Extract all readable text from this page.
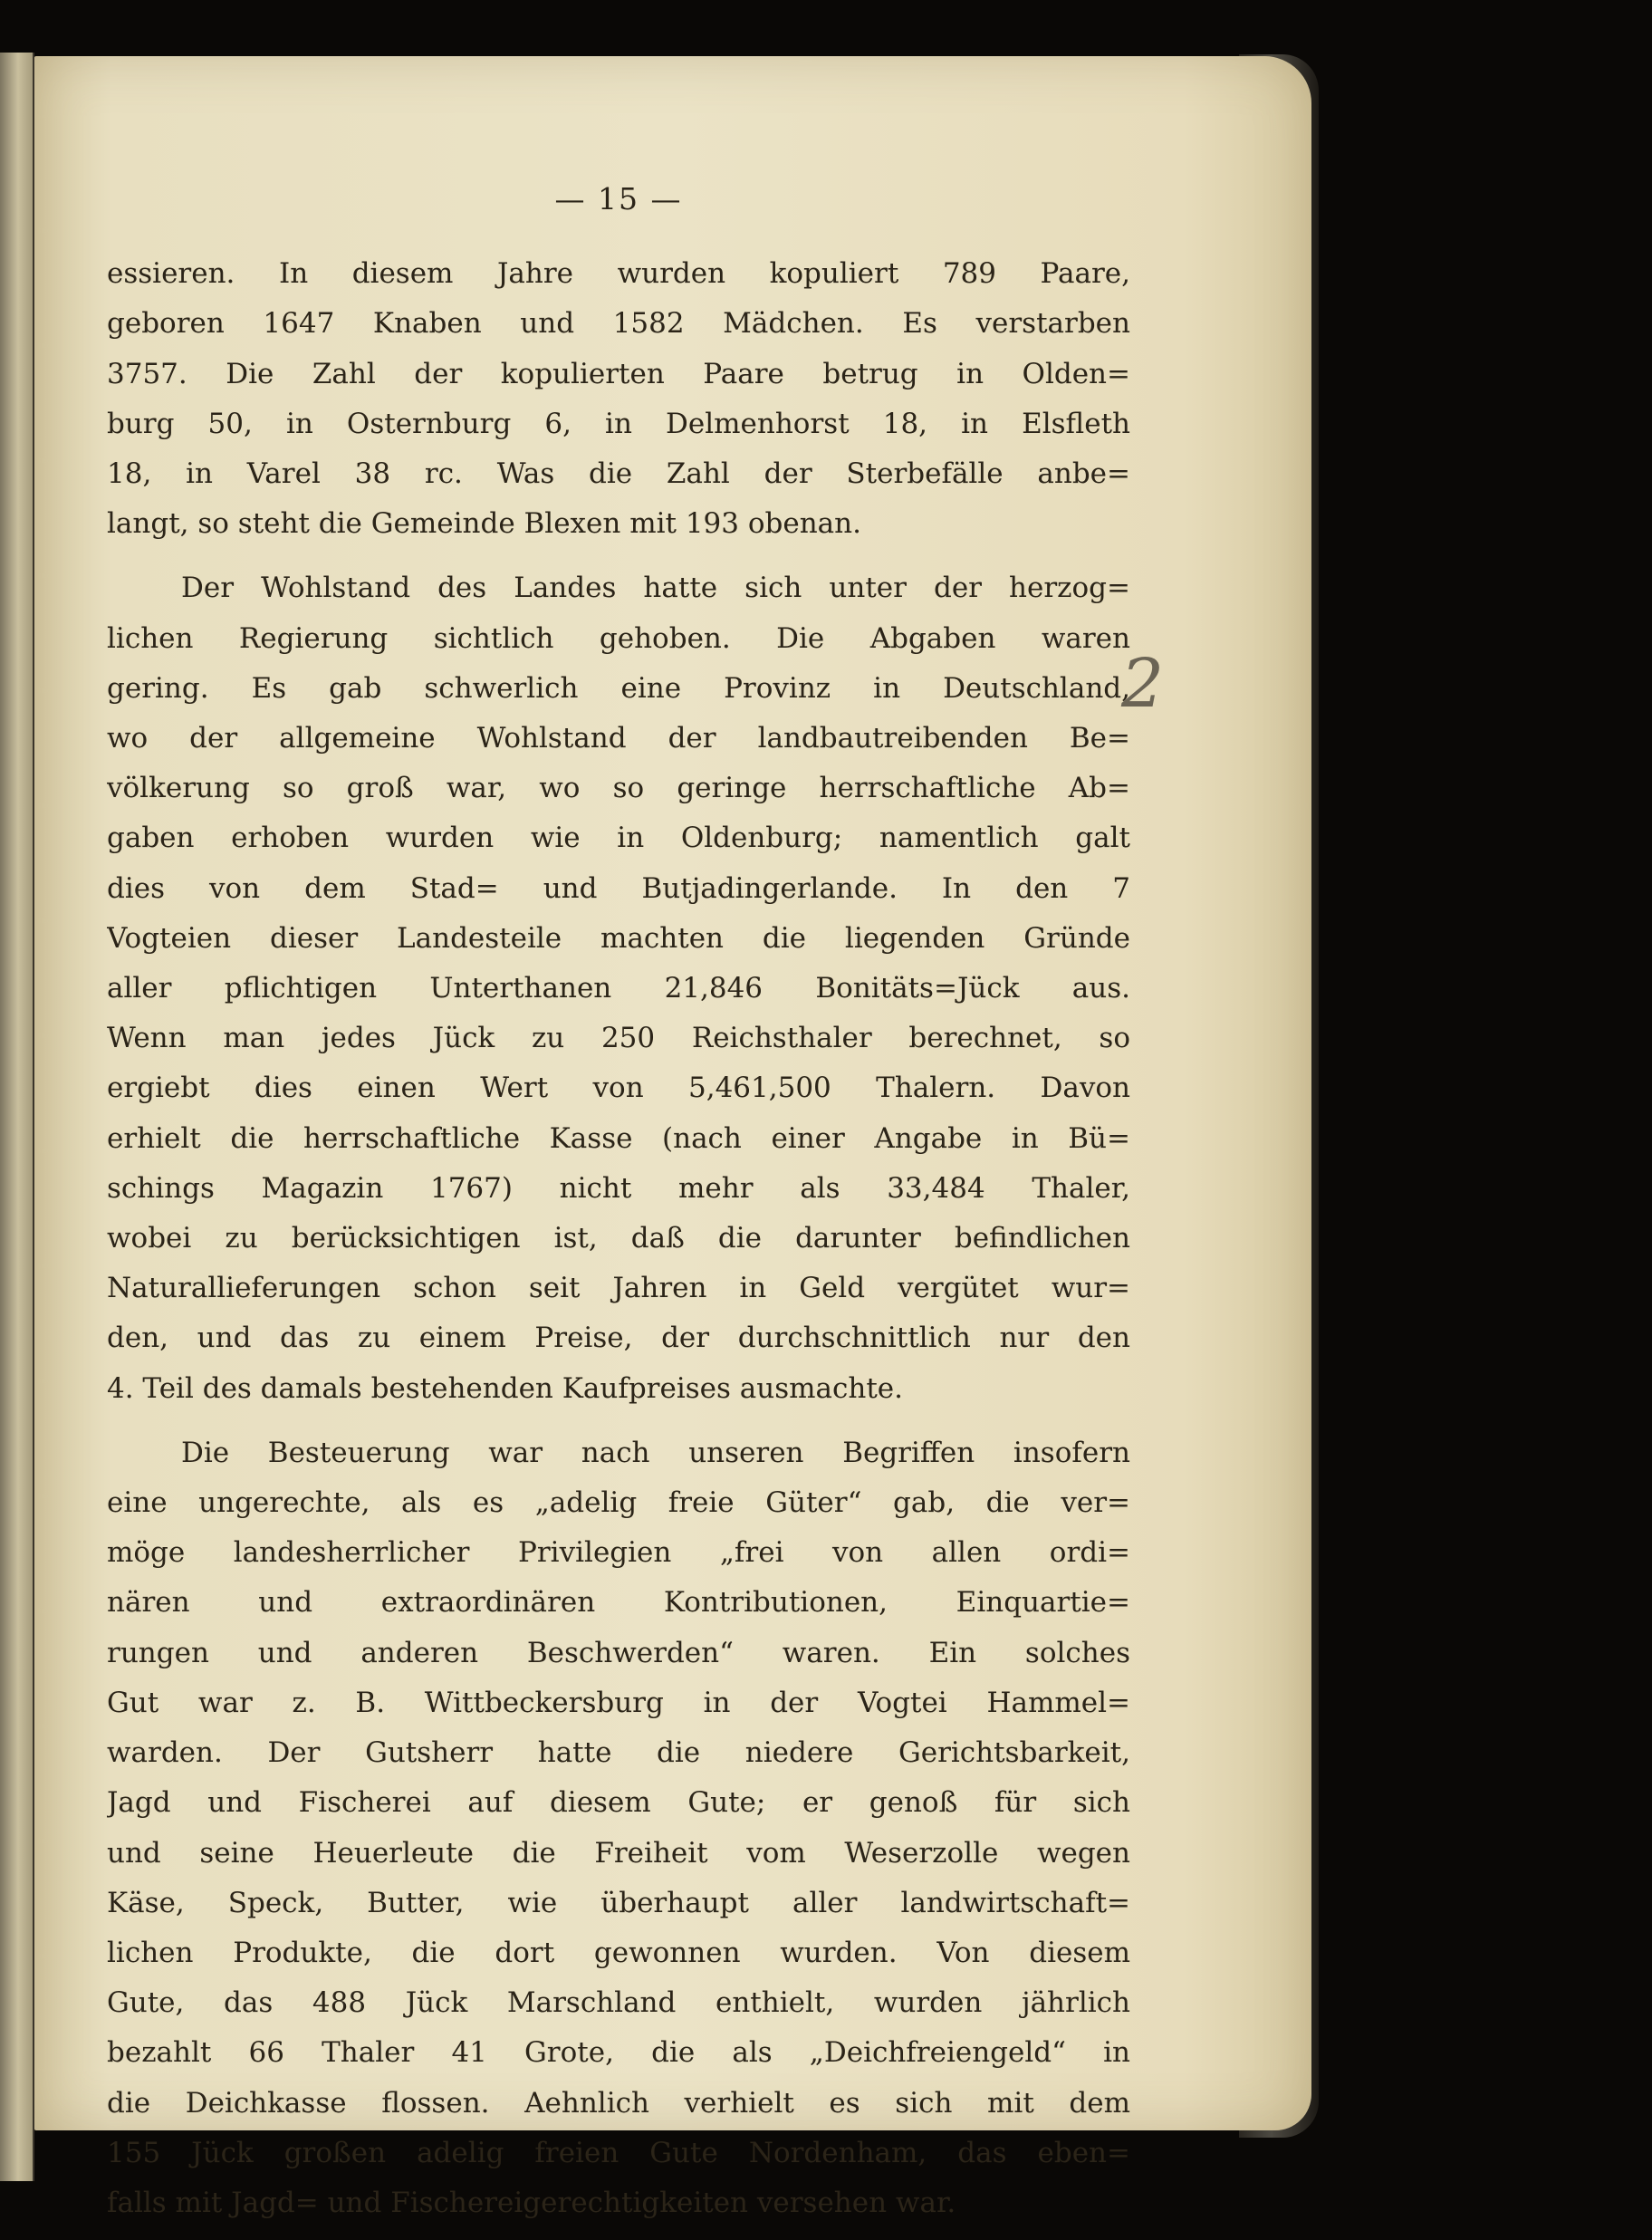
— 15 —

essieren. In diesem Jahre wurden kopuliert 789 Paare,
geboren 1647 Knaben und 1582 Mädchen. Es verstarben
3757. Die Zahl der kopulierten Paare betrug in Olden=
burg 50, in Osternburg 6, in Delmenhorst 18, in Elsfleth
18, in Varel 38 rc. Was die Zahl der Sterbefälle anbe=
langt, so steht die Gemeinde Blexen mit 193 obenan.

Der Wohlstand des Landes hatte sich unter der herzog=
lichen Regierung sichtlich gehoben. Die Abgaben waren
gering. Es gab schwerlich eine Provinz in Deutschland,
wo der allgemeine Wohlstand der landbautreibenden Be=
völkerung so groß war, wo so geringe herrschaftliche Ab=
gaben erhoben wurden wie in Oldenburg; namentlich galt
dies von dem Stad= und Butjadingerlande. In den 7
Vogteien dieser Landesteile machten die liegenden Gründe
aller pflichtigen Unterthanen 21,846 Bonitäts=Jück aus.
Wenn man jedes Jück zu 250 Reichsthaler berechnet, so
ergiebt dies einen Wert von 5,461,500 Thalern. Davon
erhielt die herrschaftliche Kasse (nach einer Angabe in Bü=
schings Magazin 1767) nicht mehr als 33,484 Thaler,
wobei zu berücksichtigen ist, daß die darunter befindlichen
Naturallieferungen schon seit Jahren in Geld vergütet wur=
den, und das zu einem Preise, der durchschnittlich nur den
4. Teil des damals bestehenden Kaufpreises ausmachte.

Die Besteuerung war nach unseren Begriffen insofern
eine ungerechte, als es „adelig freie Güter“ gab, die ver=
möge landesherrlicher Privilegien „frei von allen ordi=
nären und extraordinären Kontributionen, Einquartie=
rungen und anderen Beschwerden“ waren. Ein solches
Gut war z. B. Wittbeckersburg in der Vogtei Hammel=
warden. Der Gutsherr hatte die niedere Gerichtsbarkeit,
Jagd und Fischerei auf diesem Gute; er genoß für sich
und seine Heuerleute die Freiheit vom Weserzolle wegen
Käse, Speck, Butter, wie überhaupt aller landwirtschaft=
lichen Produkte, die dort gewonnen wurden. Von diesem
Gute, das 488 Jück Marschland enthielt, wurden jährlich
bezahlt 66 Thaler 41 Grote, die als „Deichfreiengeld“ in
die Deichkasse flossen. Aehnlich verhielt es sich mit dem
155 Jück großen adelig freien Gute Nordenham, das eben=
falls mit Jagd= und Fischereigerechtigkeiten versehen war.

2
